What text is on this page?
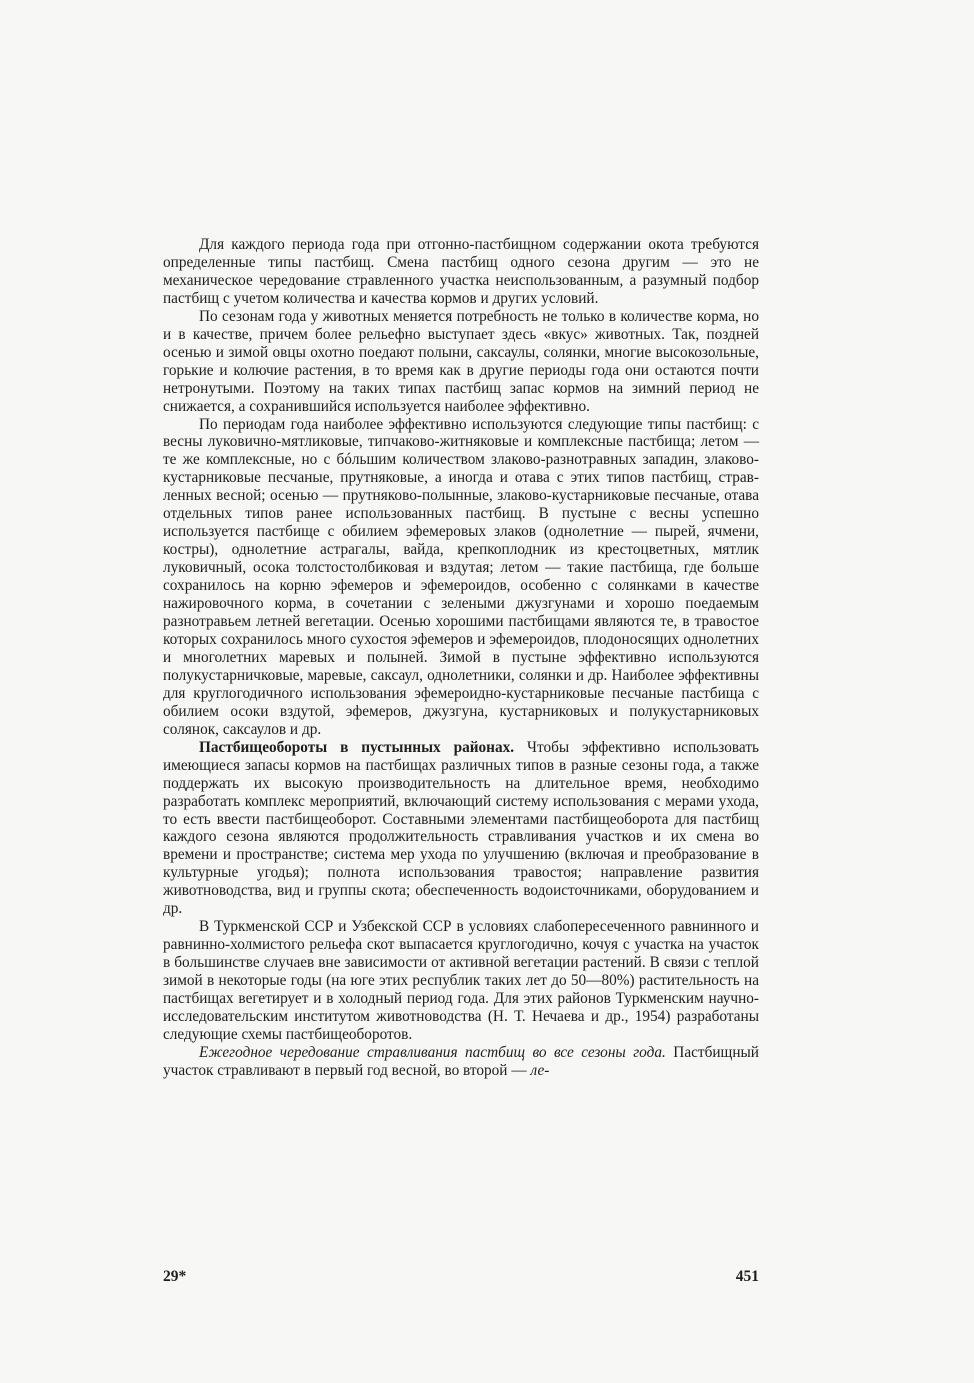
Для каждого периода года при отгонно-пастбищном содержании окота требуются определенные типы пастбищ. Смена пастбищ одного сезона другим — это не механическое чередование стравленного участка неиспользованным, а разумный подбор пастбищ с учетом количества и качества кормов и других условий.

По сезонам года у животных меняется потребность не только в количестве корма, но и в качестве, причем более рельефно выступает здесь «вкус» животных. Так, поздней осенью и зимой овцы охотно поедают полыни, саксаулы, солянки, многие высокозольные, горькие и колючие растения, в то время как в другие периоды года они остаются почти нетронутыми. Поэтому на таких типах пастбищ запас кормов на зимний период не снижается, а сохранившийся используется наиболее эффективно.

По периодам года наиболее эффективно используются следующие типы пастбищ: с весны луковично-мятликовые, типчаково-житняковые и комплексные пастбища; летом — те же комплексные, но с бóльшим количеством злаково-разнотравных западин, злаково-кустарниковые песчаные, прутняковые, а иногда и отава с этих типов пастбищ, стравленных весной; осенью — прутняково-полынные, злаково-кустарниковые песчаные, отава отдельных типов ранее использованных пастбищ. В пустыне с весны успешно используется пастбище с обилием эфемеровых злаков (однолетние — пырей, ячмени, костры), однолетние астрагалы, вайда, крепкоплодник из крестоцветных, мятлик луковичный, осока толстостолбиковая и вздутая; летом — такие пастбища, где больше сохранилось на корню эфемеров и эфемероидов, особенно с солянками в качестве нажировочного корма, в сочетании с зелеными джузгунами и хорошо поедаемым разнотравьем летней вегетации. Осенью хорошими пастбищами являются те, в травостое которых сохранилось много сухостоя эфемеров и эфемероидов, плодоносящих однолетних и многолетних маревых и полыней. Зимой в пустыне эффективно используются полукустарничковые, маревые, саксаул, однолетники, солянки и др. Наиболее эффективны для круглогодичного использования эфемероидно-кустарниковые песчаные пастбища с обилием осоки вздутой, эфемеров, джузгуна, кустарниковых и полукустарниковых солянок, саксаулов и др.

Пастбищеобороты в пустынных районах. Чтобы эффективно использовать имеющиеся запасы кормов на пастбищах различных типов в разные сезоны года, а также поддержать их высокую производительность на длительное время, необходимо разработать комплекс мероприятий, включающий систему использования с мерами ухода, то есть ввести пастбищеоборот. Составными элементами пастбищеоборота для пастбищ каждого сезона являются продолжительность стравливания участков и их смена во времени и пространстве; система мер ухода по улучшению (включая и преобразование в культурные угодья); полнота использования травостоя; направление развития животноводства, вид и группы скота; обеспеченность водоисточниками, оборудованием и др.

В Туркменской ССР и Узбекской ССР в условиях слабопересеченного равнинного и равнинно-холмистого рельефа скот выпасается круглогодично, кочуя с участка на участок в большинстве случаев вне зависимости от активной вегетации растений. В связи с теплой зимой в некоторые годы (на юге этих республик таких лет до 50—80%) растительность на пастбищах вегетирует и в холодный период года. Для этих районов Туркменским научно-исследовательским институтом животноводства (Н. Т. Нечаева и др., 1954) разработаны следующие схемы пастбищеоборотов.

Ежегодное чередование стравливания пастбищ во все сезоны года. Пастбищный участок стравливают в первый год весной, во второй — ле-

29*	451
